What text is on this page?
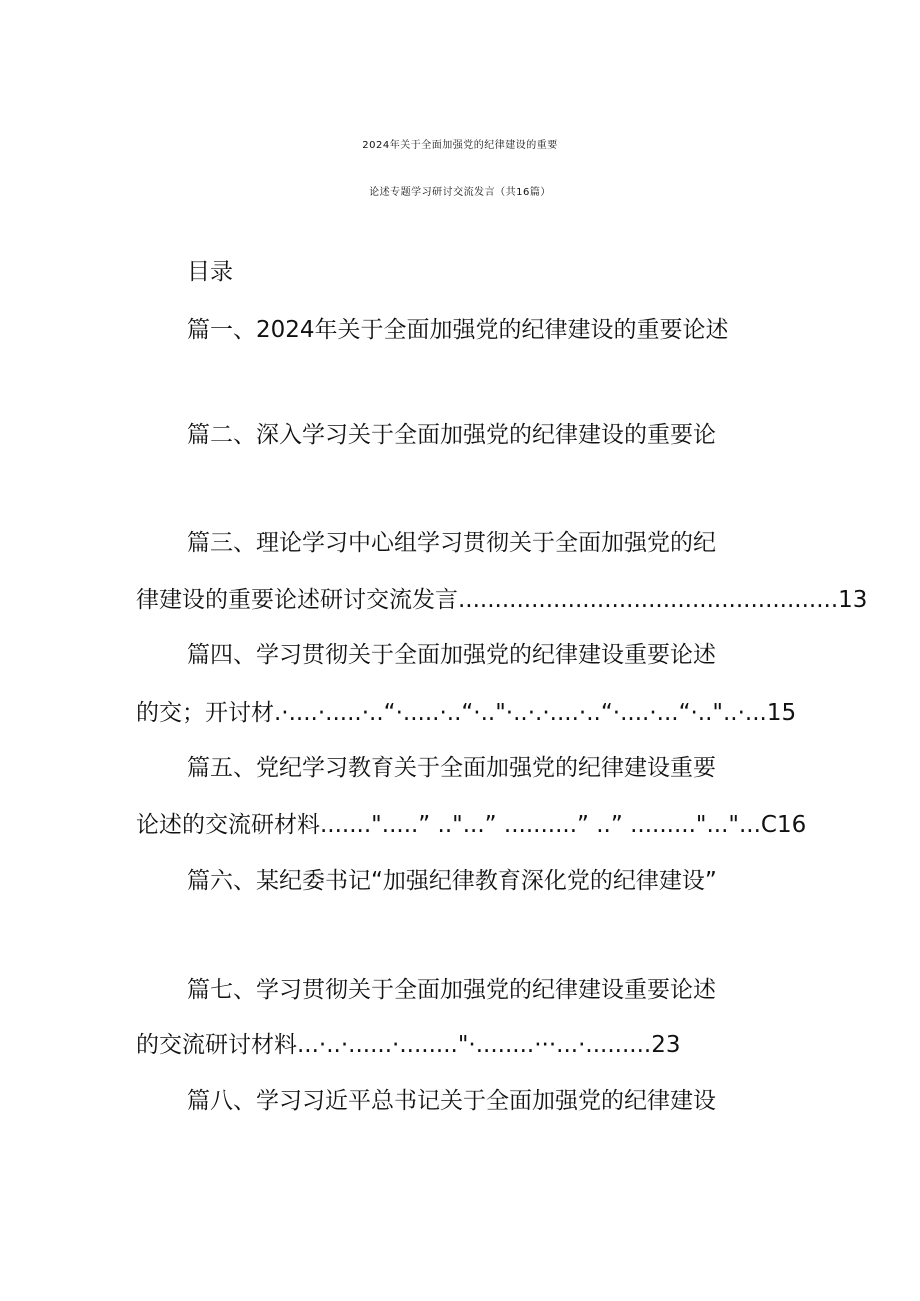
2024年关于全面加强党的纪律建设的重要
论述专题学习研讨交流发言（共16篇）
目录
篇一、2024年关于全面加强党的纪律建设的重要论述
篇二、深入学习关于全面加强党的纪律建设的重要论
篇三、理论学习中心组学习贯彻关于全面加强党的纪
律建设的重要论述研讨交流发言....................................................13
篇四、学习贯彻关于全面加强党的纪律建设重要论述
的交；开讨材.·....·.....·..“·.....·..“·.."·..·.·....·..“·....·...“·.."..·...15
篇五、党纪学习教育关于全面加强党的纪律建设重要
论述的交流研材料.......".....” .."...” ..........” ..” ........."..."...C16
篇六、某纪委书记“加强纪律教育深化党的纪律建设”
篇七、学习贯彻关于全面加强党的纪律建设重要论述
的交流研讨材料...·..·......·........"·........···...·.........23
篇八、学习习近平总书记关于全面加强党的纪律建设
